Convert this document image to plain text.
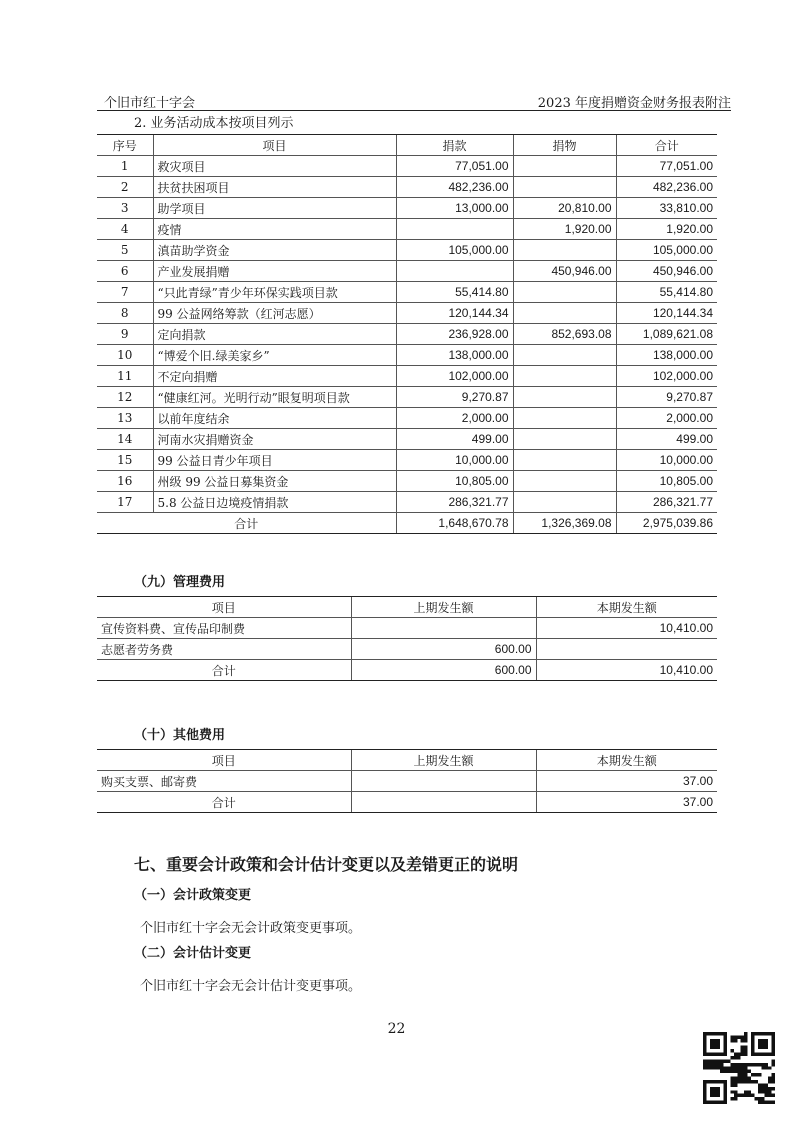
个旧市红十字会	2023 年度捐赠资金财务报表附注
2. 业务活动成本按项目列示
序号	项目	捐款	捐物	合计
1	救灾项目	77,051.00		77,051.00
2	扶贫扶困项目	482,236.00		482,236.00
3	助学项目	13,000.00	20,810.00	33,810.00
4	疫情		1,920.00	1,920.00
5	滇苗助学资金	105,000.00		105,000.00
6	产业发展捐赠		450,946.00	450,946.00
7	“只此青绿”青少年环保实践项目款	55,414.80		55,414.80
8	99 公益网络筹款（红河志愿）	120,144.34		120,144.34
9	定向捐款	236,928.00	852,693.08	1,089,621.08
10	“博爱个旧.绿美家乡”	138,000.00		138,000.00
11	不定向捐赠	102,000.00		102,000.00
12	“健康红河。光明行动”眼复明项目款	9,270.87		9,270.87
13	以前年度结余	2,000.00		2,000.00
14	河南水灾捐赠资金	499.00		499.00
15	99 公益日青少年项目	10,000.00		10,000.00
16	州级 99 公益日募集资金	10,805.00		10,805.00
17	5.8 公益日边境疫情捐款	286,321.77		286,321.77
合计		1,648,670.78	1,326,369.08	2,975,039.86
（九）管理费用
项目	上期发生额	本期发生额
宣传资料费、宣传品印制费		10,410.00
志愿者劳务费	600.00	
合计	600.00	10,410.00
（十）其他费用
项目	上期发生额	本期发生额
购买支票、邮寄费		37.00
合计		37.00
七、重要会计政策和会计估计变更以及差错更正的说明
（一）会计政策变更
个旧市红十字会无会计政策变更事项。
（二）会计估计变更
个旧市红十字会无会计估计变更事项。
22
